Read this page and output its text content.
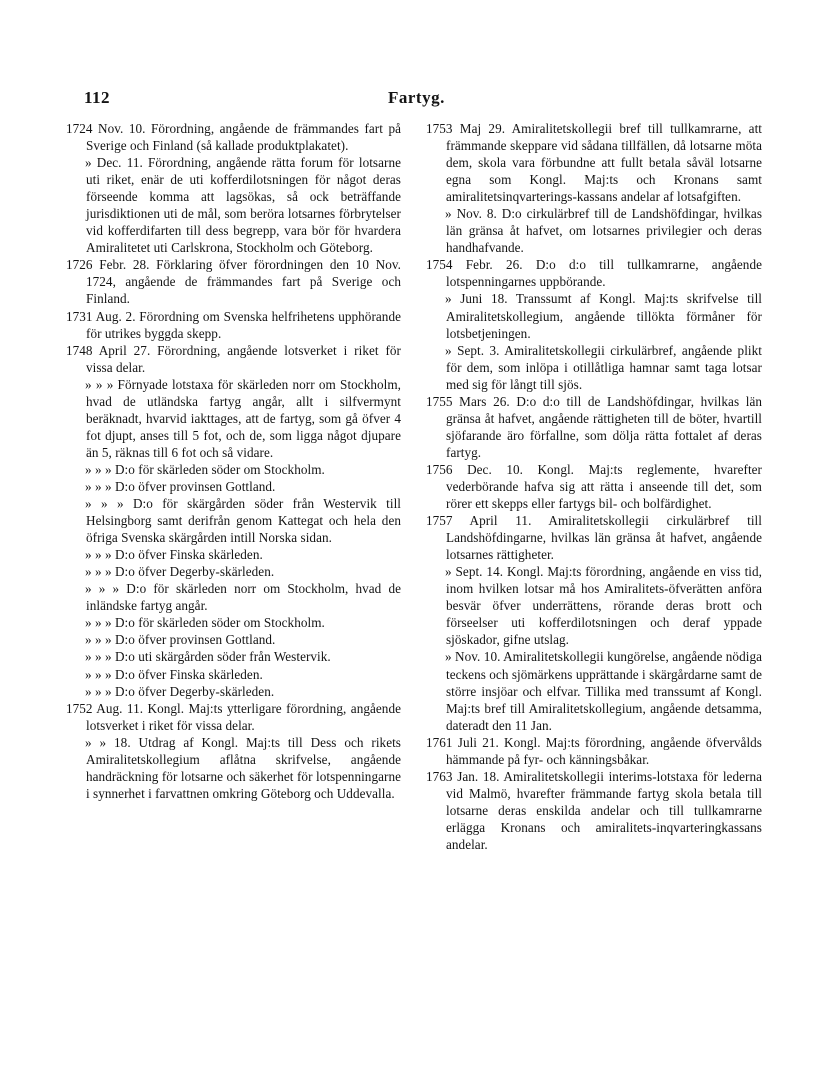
112	Fartyg.

1724 Nov. 10. Förordning, angående de främmandes fart på Sverige och Finland (så kallade produktplakatet).

» Dec. 11. Förordning, angående rätta forum för lotsarne uti riket, enär de uti kofferdilotsningen för något deras förseende komma att lagsökas, så ock beträffande jurisdiktionen uti de mål, som beröra lotsarnes förbrytelser vid kofferdifarten till dess begrepp, vara bör för hvardera Amiralitetet uti Carlskrona, Stockholm och Göteborg.

1726 Febr. 28. Förklaring öfver förordningen den 10 Nov. 1724, angående de främmandes fart på Sverige och Finland.

1731 Aug. 2. Förordning om Svenska helfrihetens upphörande för utrikes byggda skepp.

1748 April 27. Förordning, angående lotsverket i riket för vissa delar.

» » » Förnyade lotstaxa för skärleden norr om Stockholm, hvad de utländska fartyg angår, allt i silfvermynt beräknadt, hvarvid iakttages, att de fartyg, som gå öfver 4 fot djupt, anses till 5 fot, och de, som ligga något djupare än 5, räknas till 6 fot och så vidare.

» » » D:o för skärleden söder om Stockholm.

» » » D:o öfver provinsen Gottland.

» » » D:o för skärgården söder från Westervik till Helsingborg samt derifrån genom Kattegat och hela den öfriga Svenska skärgården intill Norska sidan.

» » » D:o öfver Finska skärleden.

» » » D:o öfver Degerby-skärleden.

» » » D:o för skärleden norr om Stockholm, hvad de inländske fartyg angår.

» » » D:o för skärleden söder om Stockholm.

» » » D:o öfver provinsen Gottland.

» » » D:o uti skärgården söder från Westervik.

» » » D:o öfver Finska skärleden.

» » » D:o öfver Degerby-skärleden.

1752 Aug. 11. Kongl. Maj:ts ytterligare förordning, angående lotsverket i riket för vissa delar.

» » 18. Utdrag af Kongl. Maj:ts till Dess och rikets Amiralitetskollegium aflåtna skrifvelse, angående handräckning för lotsarne och säkerhet för lotspenningarne i synnerhet i farvattnen omkring Göteborg och Uddevalla.

1753 Maj 29. Amiralitetskollegii bref till tullkamrarne, att främmande skeppare vid sådana tillfällen, då lotsarne möta dem, skola vara förbundne att fullt betala såväl lotsarne egna som Kongl. Maj:ts och Kronans samt amiralitetsinqvarterings-kassans andelar af lotsafgiften.

» Nov. 8. D:o cirkulärbref till de Landshöfdingar, hvilkas län gränsa åt hafvet, om lotsarnes privilegier och deras handhafvande.

1754 Febr. 26. D:o d:o till tullkamrarne, angående lotspenningarnes uppbörande.

» Juni 18. Transsumt af Kongl. Maj:ts skrifvelse till Amiralitetskollegium, angående tillökta förmåner för lotsbetjeningen.

» Sept. 3. Amiralitetskollegii cirkulärbref, angående plikt för dem, som inlöpa i otillåtliga hamnar samt taga lotsar med sig för långt till sjös.

1755 Mars 26. D:o d:o till de Landshöfdingar, hvilkas län gränsa åt hafvet, angående rättigheten till de böter, hvartill sjöfarande äro förfallne, som dölja rätta fottalet af deras fartyg.

1756 Dec. 10. Kongl. Maj:ts reglemente, hvarefter vederbörande hafva sig att rätta i anseende till det, som rörer ett skepps eller fartygs bil- och bolfärdighet.

1757 April 11. Amiralitetskollegii cirkulärbref till Landshöfdingarne, hvilkas län gränsa åt hafvet, angående lotsarnes rättigheter.

» Sept. 14. Kongl. Maj:ts förordning, angående en viss tid, inom hvilken lotsar må hos Amiralitets-öfverätten anföra besvär öfver underrättens, rörande deras brott och förseelser uti kofferdilotsningen och deraf yppade sjöskador, gifne utslag.

» Nov. 10. Amiralitetskollegii kungörelse, angående nödiga teckens och sjömärkens upprättande i skärgårdarne samt de större insjöar och elfvar. Tillika med transsumt af Kongl. Maj:ts bref till Amiralitetskollegium, angående detsamma, dateradt den 11 Jan.

1761 Juli 21. Kongl. Maj:ts förordning, angående öfvervålds hämmande på fyr- och känningsbåkar.

1763 Jan. 18. Amiralitetskollegii interims-lotstaxa för lederna vid Malmö, hvarefter främmande fartyg skola betala till lotsarne deras enskilda andelar och till tullkamrarne erlägga Kronans och amiralitets-inqvarteringkassans andelar.
